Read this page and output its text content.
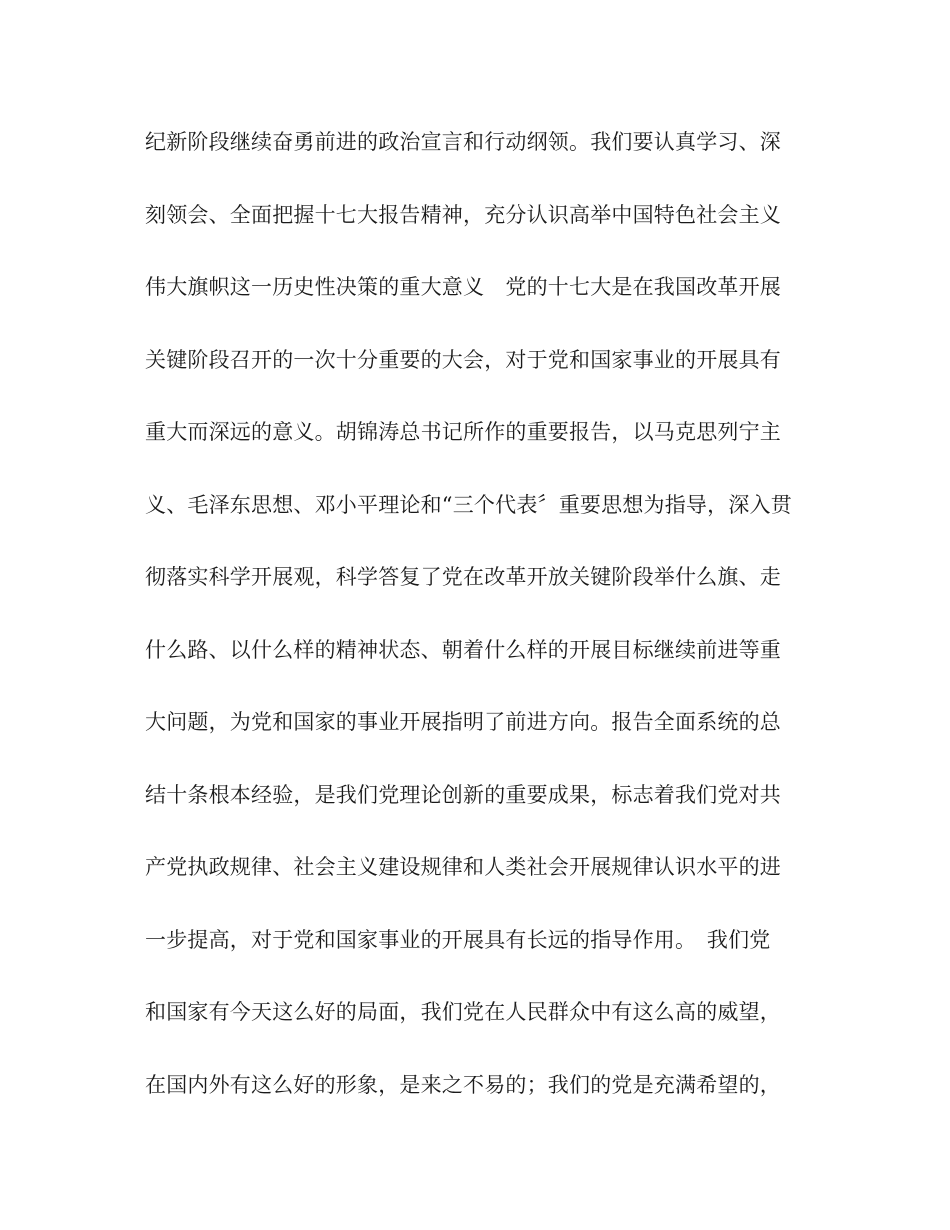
纪新阶段继续奋勇前进的政治宣言和行动纲领。我们要认真学习、深
刻领会、全面把握十七大报告精神，充分认识高举中国特色社会主义
伟大旗帜这一历史性决策的重大意义　党的十七大是在我国改革开展
关键阶段召开的一次十分重要的大会，对于党和国家事业的开展具有
重大而深远的意义。胡锦涛总书记所作的重要报告，以马克思列宁主
义、毛泽东思想、邓小平理论和“三个代表〞重要思想为指导，深入贯
彻落实科学开展观，科学答复了党在改革开放关键阶段举什么旗、走
什么路、以什么样的精神状态、朝着什么样的开展目标继续前进等重
大问题，为党和国家的事业开展指明了前进方向。报告全面系统的总
结十条根本经验，是我们党理论创新的重要成果，标志着我们党对共
产党执政规律、社会主义建设规律和人类社会开展规律认识水平的进
一步提高，对于党和国家事业的开展具有长远的指导作用。　我们党
和国家有今天这么好的局面，我们党在人民群众中有这么高的威望，
在国内外有这么好的形象，是来之不易的；我们的党是充满希望的，
